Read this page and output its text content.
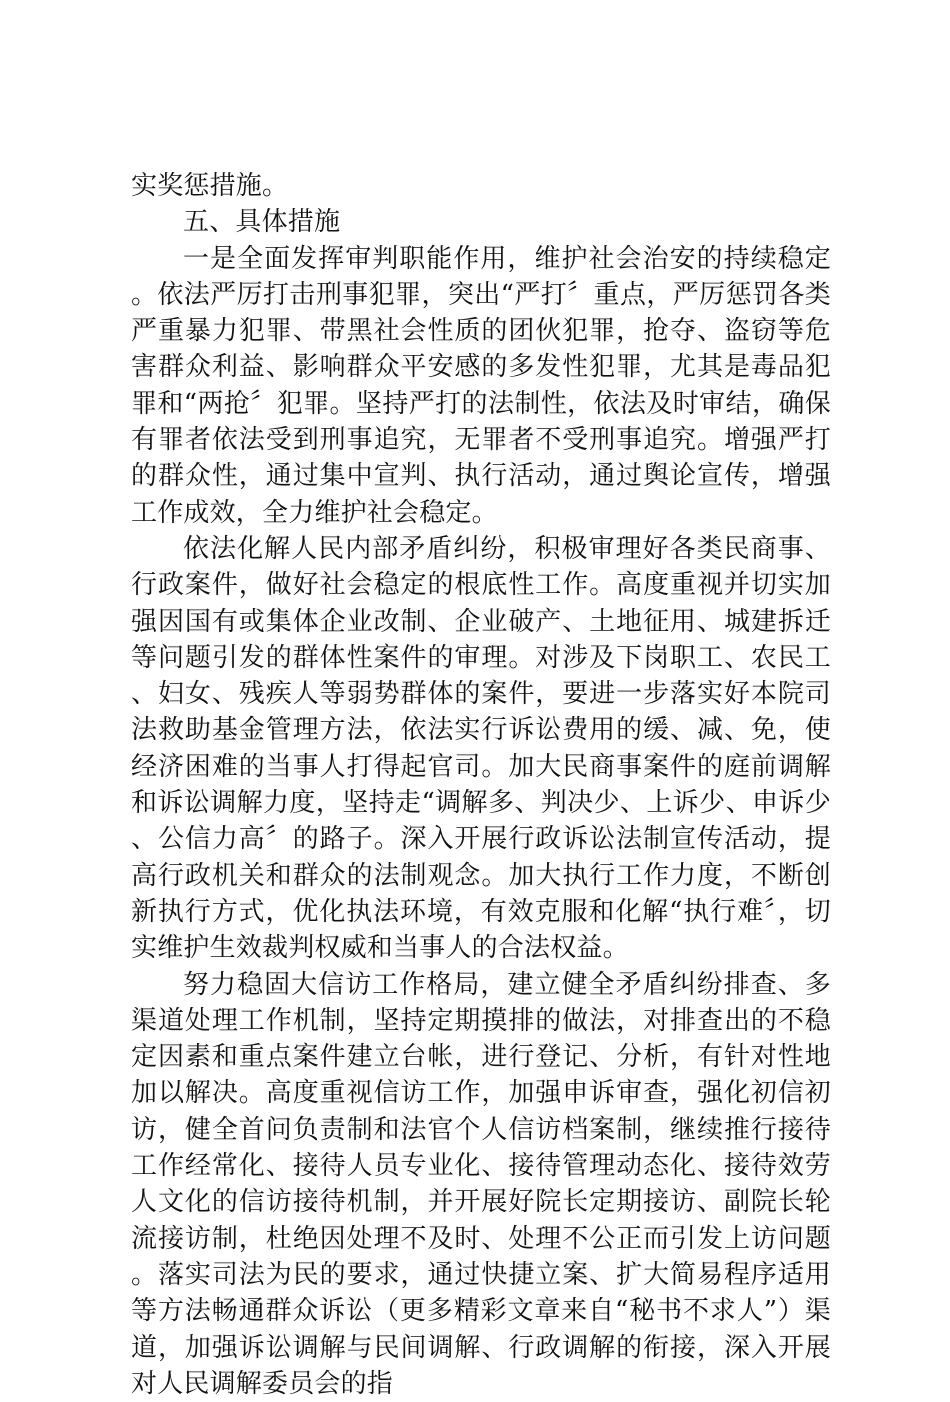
实奖惩措施。

五、具体措施

一是全面发挥审判职能作用，维护社会治安的持续稳定。依法严厉打击刑事犯罪，突出“严打〞重点，严厉惩罚各类严重暴力犯罪、带黑社会性质的团伙犯罪，抢夺、盗窃等危害群众利益、影响群众平安感的多发性犯罪，尤其是毒品犯罪和“两抢〞犯罪。坚持严打的法制性，依法及时审结，确保有罪者依法受到刑事追究，无罪者不受刑事追究。增强严打的群众性，通过集中宣判、执行活动，通过舆论宣传，增强工作成效，全力维护社会稳定。

依法化解人民内部矛盾纠纷，积极审理好各类民商事、行政案件，做好社会稳定的根底性工作。高度重视并切实加强因国有或集体企业改制、企业破产、土地征用、城建拆迁等问题引发的群体性案件的审理。对涉及下岗职工、农民工、妇女、残疾人等弱势群体的案件，要进一步落实好本院司法救助基金管理方法，依法实行诉讼费用的缓、减、免，使经济困难的当事人打得起官司。加大民商事案件的庭前调解和诉讼调解力度，坚持走“调解多、判决少、上诉少、申诉少、公信力高〞的路子。深入开展行政诉讼法制宣传活动，提高行政机关和群众的法制观念。加大执行工作力度，不断创新执行方式，优化执法环境，有效克服和化解“执行难〞，切实维护生效裁判权威和当事人的合法权益。

努力稳固大信访工作格局，建立健全矛盾纠纷排查、多渠道处理工作机制，坚持定期摸排的做法，对排查出的不稳定因素和重点案件建立台帐，进行登记、分析，有针对性地加以解决。高度重视信访工作，加强申诉审查，强化初信初访，健全首问负责制和法官个人信访档案制，继续推行接待工作经常化、接待人员专业化、接待管理动态化、接待效劳人文化的信访接待机制，并开展好院长定期接访、副院长轮流接访制，杜绝因处理不及时、处理不公正而引发上访问题。落实司法为民的要求，通过快捷立案、扩大简易程序适用等方法畅通群众诉讼（更多精彩文章来自“秘书不求人”）渠道，加强诉讼调解与民间调解、行政调解的衔接，深入开展对人民调解委员会的指
